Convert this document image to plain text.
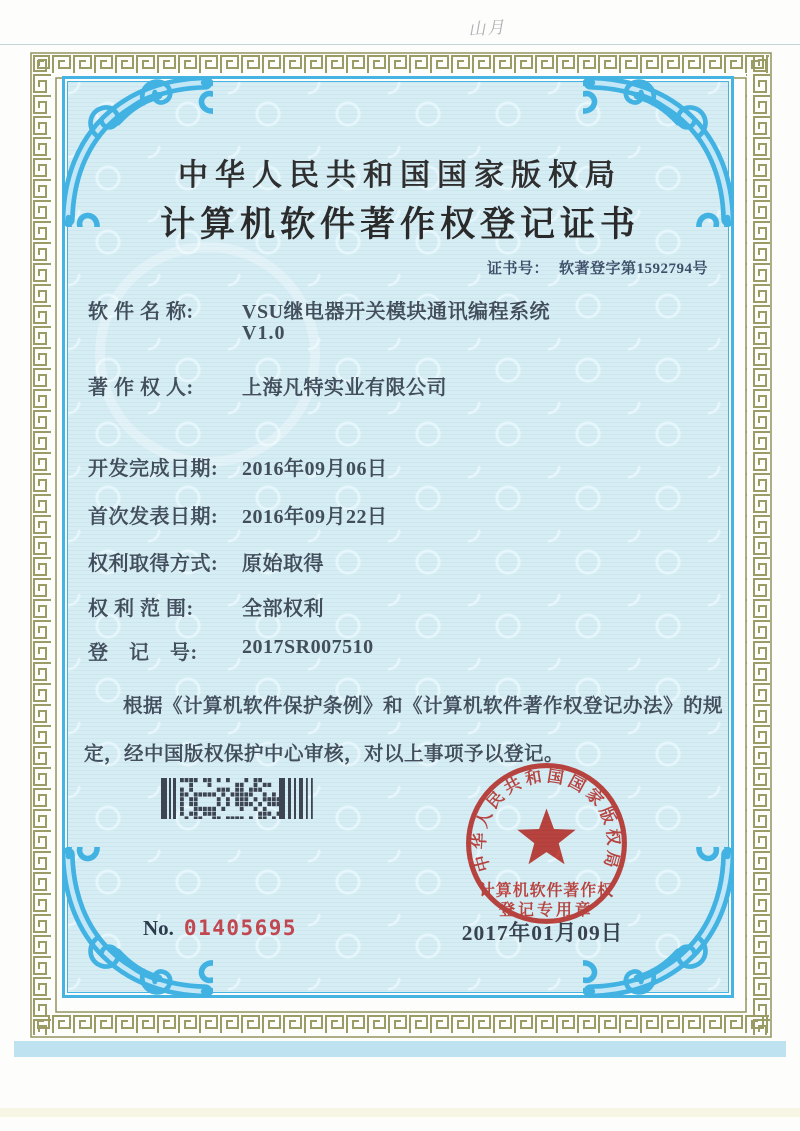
山月
中华人民共和国国家版权局
计算机软件著作权登记证书
证书号： 软著登字第1592794号
软 件 名 称: VSU继电器开关模块通讯编程系统
V1.0
著 作 权 人: 上海凡特实业有限公司
开发完成日期: 2016年09月06日
首次发表日期: 2016年09月22日
权利取得方式: 原始取得
权 利 范 围: 全部权利
登　记　号: 2017SR007510
根据《计算机软件保护条例》和《计算机软件著作权登记办法》的规定，经中国版权保护中心审核，对以上事项予以登记。
No. 01405695
中华人民共和国国家版权局
计算机软件著作权
登记专用章
2017年01月09日
